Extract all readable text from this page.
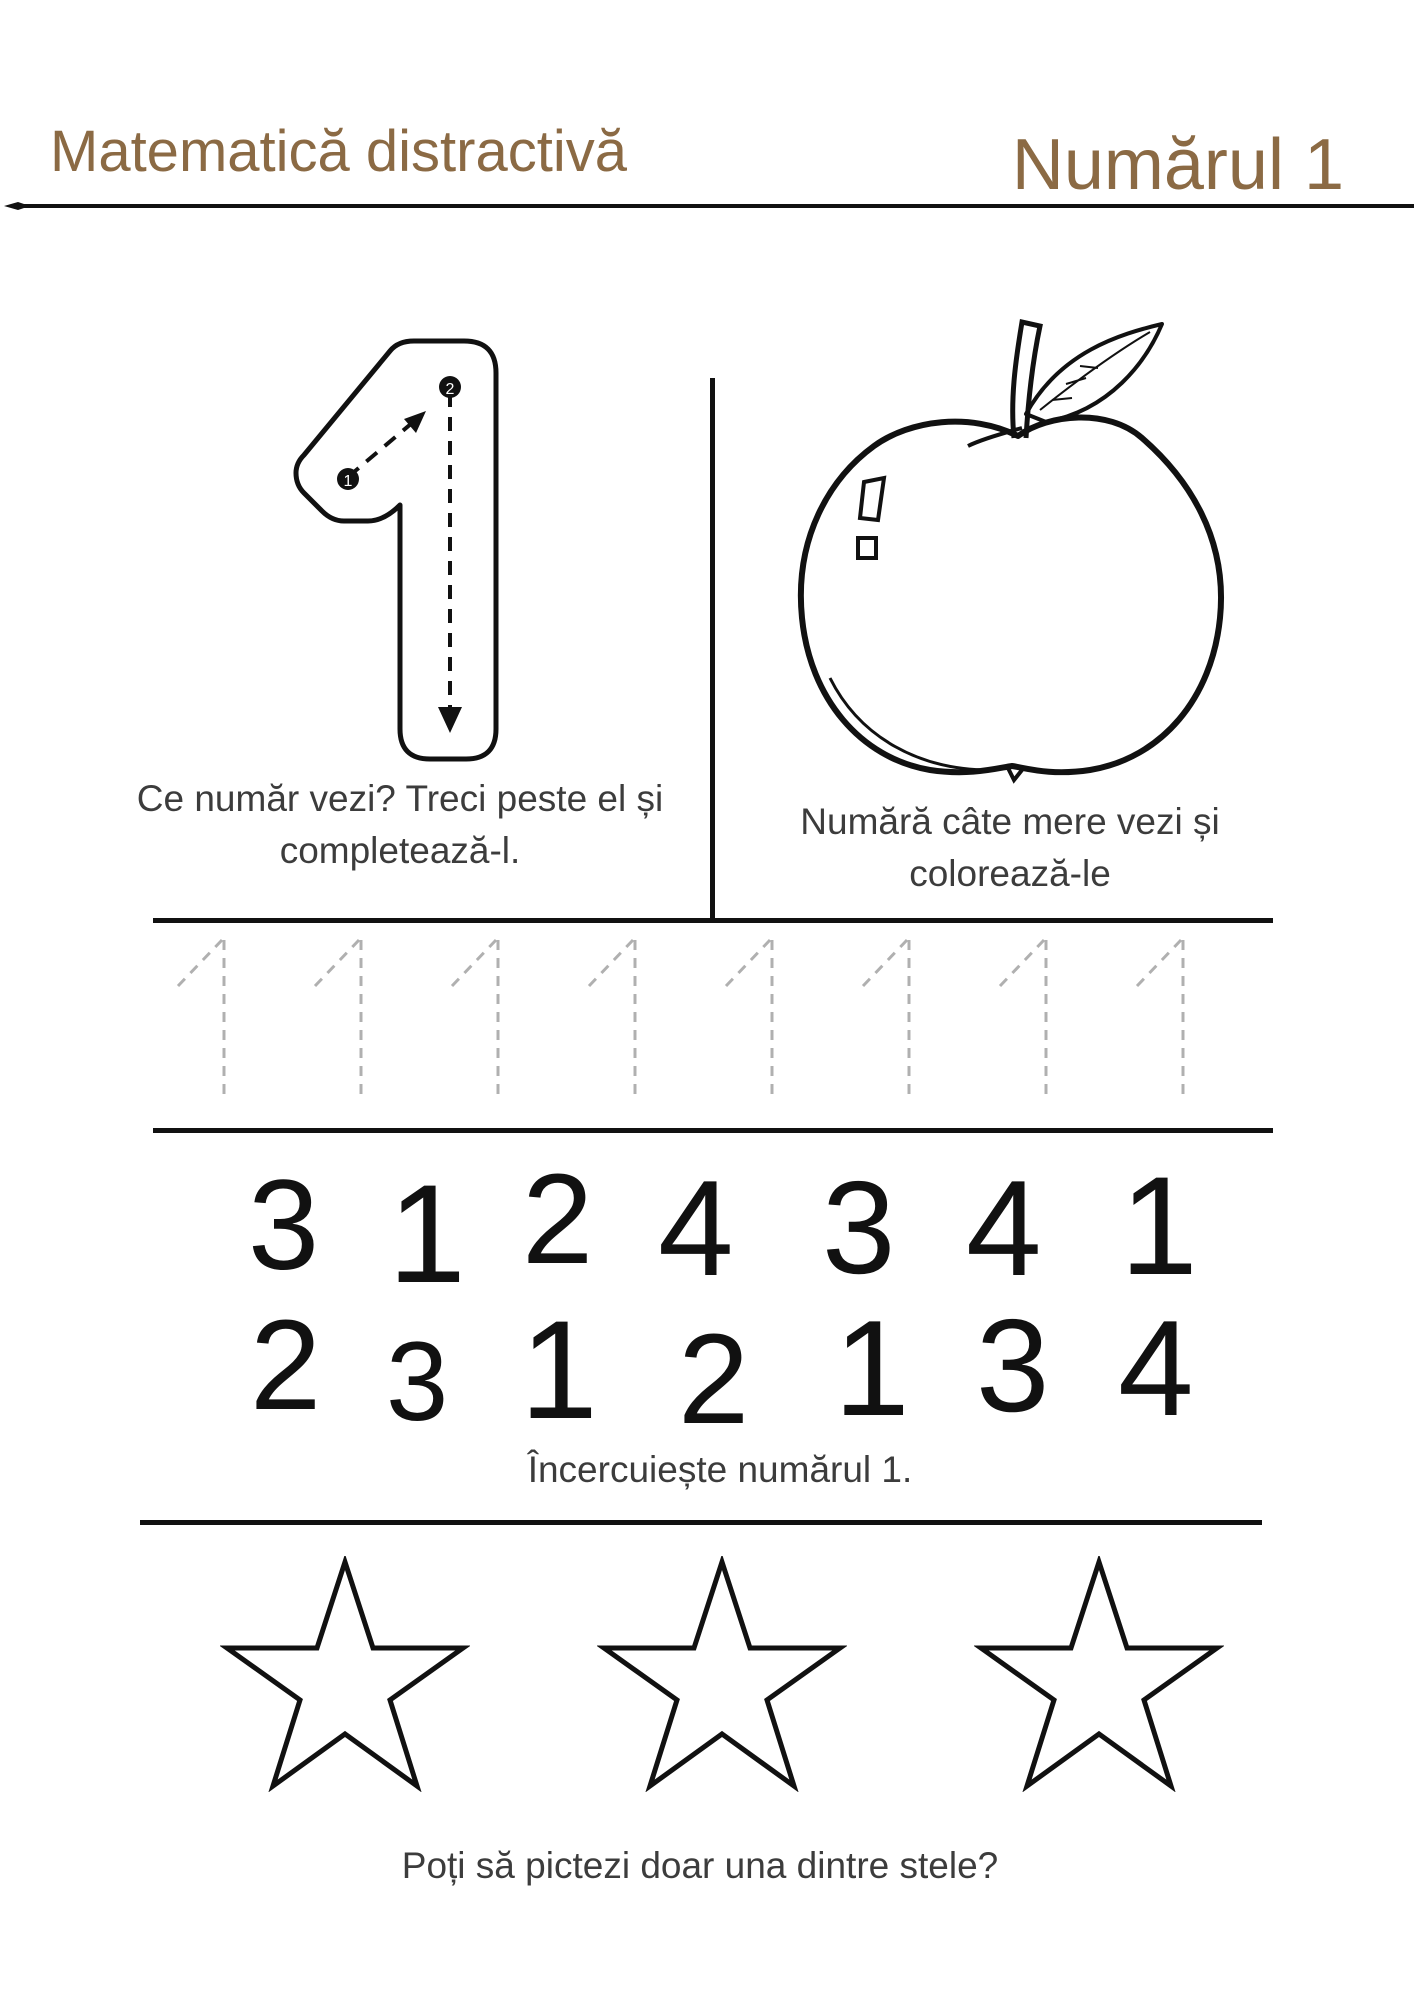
Matematică distractivă	Numărul 1
1
2
Ce număr vezi? Treci peste el și completează-l.
Numără câte mere vezi și colorează-le
3 1 2 4 3 4 1
2 3 1 2 1 3 4
Încercuiește numărul 1.
Poți să pictezi doar una dintre stele?
